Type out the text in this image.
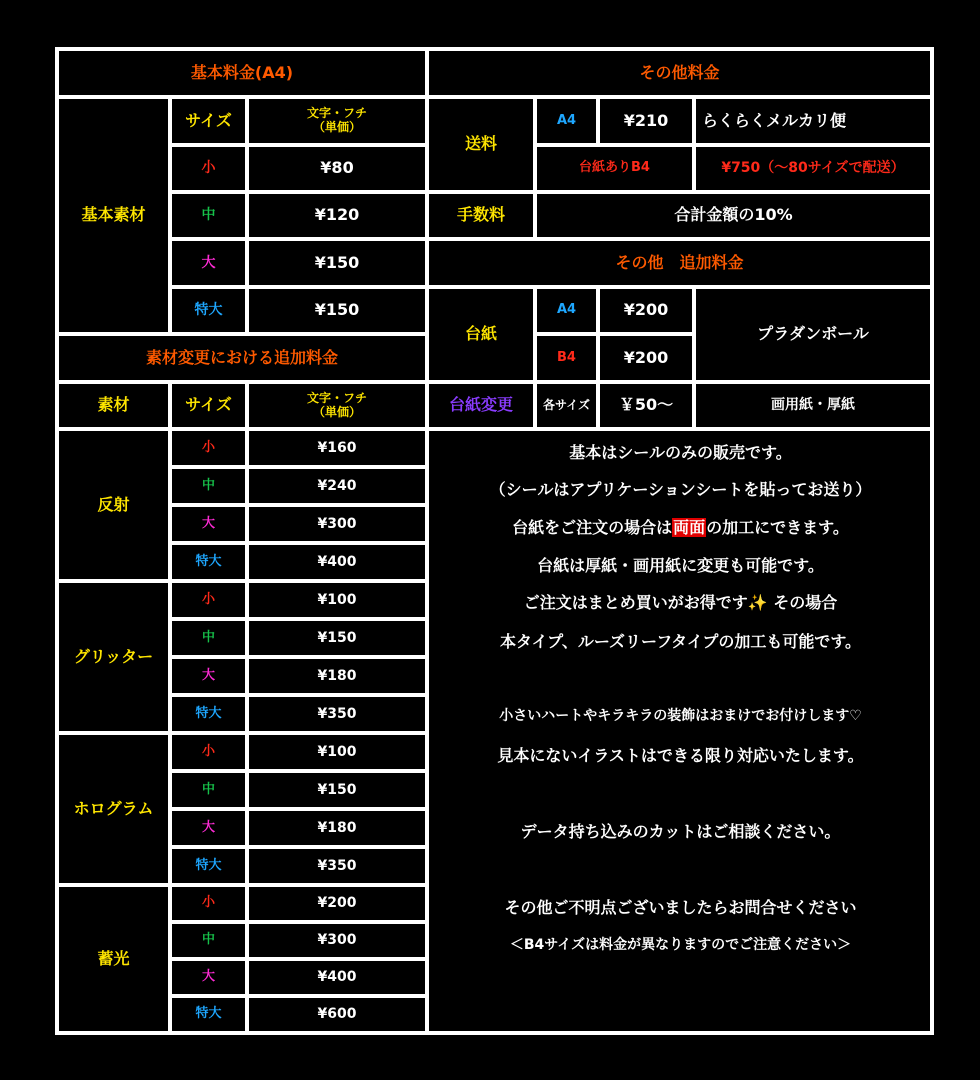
基本料金(A4)
基本素材
サイズ	文字・フチ
（単価）
小	¥80
中	¥120
大	¥150
特大	¥150
素材変更における追加料金
素材	サイズ	文字・フチ
（単価）
反射
小	¥160
中	¥240
大	¥300
特大	¥400
グリッター
小	¥100
中	¥150
大	¥180
特大	¥350
ホログラム
小	¥100
中	¥150
大	¥180
特大	¥350
蓄光
小	¥200
中	¥300
大	¥400
特大	¥600
その他料金
送料
A4	¥210	らくらくメルカリ便
台紙ありB4	¥750（～80サイズで配送）
手数料	合計金額の10%
その他　追加料金
台紙
A4	¥200
B4	¥200
プラダンボール
台紙変更	各サイズ	￥50〜	画用紙・厚紙
基本はシールのみの販売です。
（シールはアプリケーションシートを貼ってお送り）
台紙をご注文の場合は両面の加工にできます。
台紙は厚紙・画用紙に変更も可能です。
ご注文はまとめ買いがお得です✨ その場合
本タイプ、ルーズリーフタイプの加工も可能です。
小さいハートやキラキラの装飾はおまけでお付けします♡
見本にないイラストはできる限り対応いたします。
データ持ち込みのカットはご相談ください。
その他ご不明点ございましたらお問合せください
＜B4サイズは料金が異なりますのでご注意ください＞
